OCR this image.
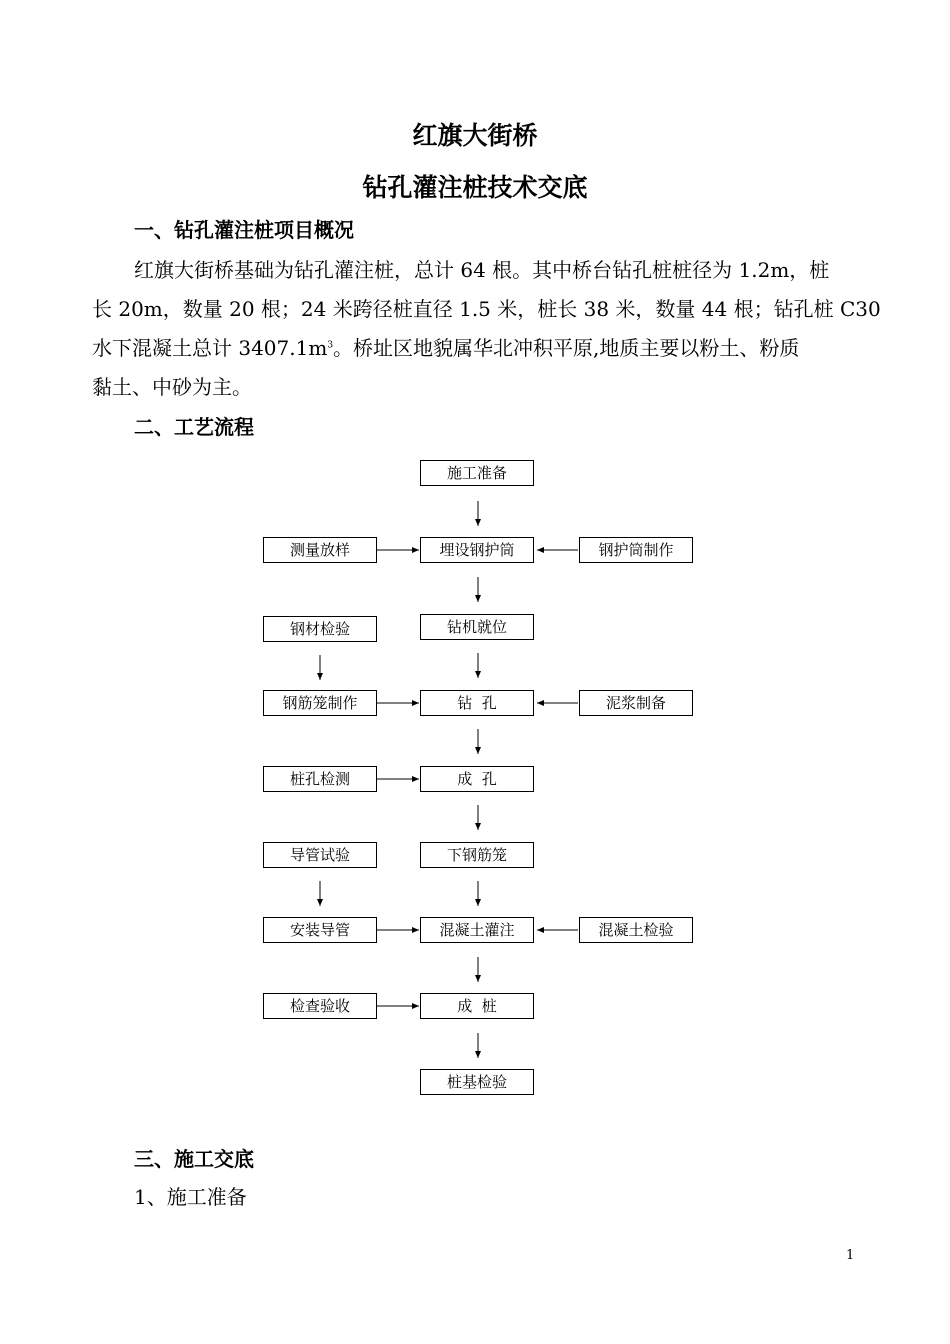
红旗大街桥
钻孔灌注桩技术交底
一、钻孔灌注桩项目概况
红旗大街桥基础为钻孔灌注桩，总计 64 根。其中桥台钻孔桩桩径为 1.2m，桩
长 20m，数量 20 根；24 米跨径桩直径 1.5 米，桩长 38 米，数量 44 根；钻孔桩 C30
水下混凝土总计 $3407.1m^3$。桥址区地貌属华北冲积平原,地质主要以粉土、粉质
黏土、中砂为主。
二、工艺流程
施工准备
埋设钢护筒
钻机就位
钻  孔
成  孔
下钢筋笼
混凝土灌注
成  桩
桩基检验
测量放样
钢材检验
钢筋笼制作
桩孔检测
导管试验
安装导管
检查验收
钢护筒制作
泥浆制备
混凝土检验
三、施工交底
1、施工准备
1
